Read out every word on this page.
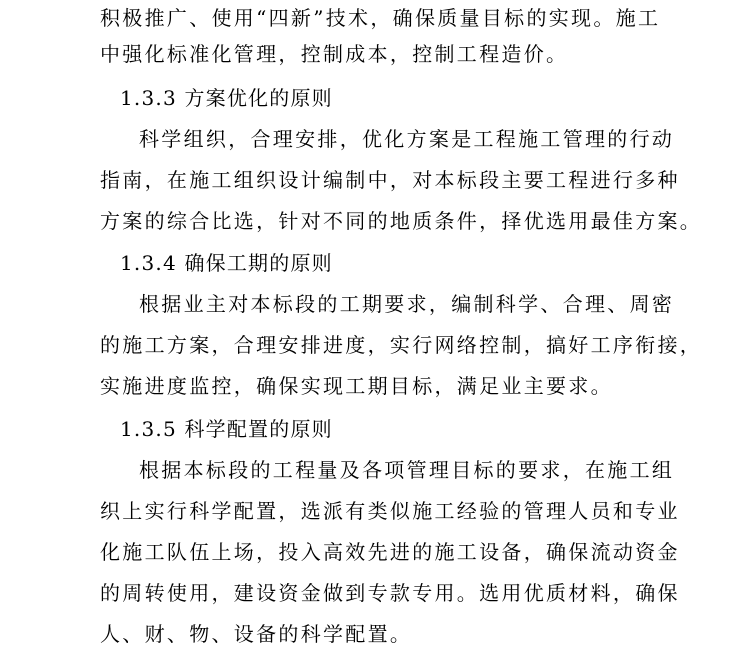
积极推广、使用“四新”技术，确保质量目标的实现。施工
中强化标准化管理，控制成本，控制工程造价。
1.3.3 方案优化的原则
科学组织，合理安排，优化方案是工程施工管理的行动
指南，在施工组织设计编制中，对本标段主要工程进行多种
方案的综合比选，针对不同的地质条件，择优选用最佳方案。
1.3.4 确保工期的原则
根据业主对本标段的工期要求，编制科学、合理、周密
的施工方案，合理安排进度，实行网络控制，搞好工序衔接，
实施进度监控，确保实现工期目标，满足业主要求。
1.3.5 科学配置的原则
根据本标段的工程量及各项管理目标的要求，在施工组
织上实行科学配置，选派有类似施工经验的管理人员和专业
化施工队伍上场，投入高效先进的施工设备，确保流动资金
的周转使用，建设资金做到专款专用。选用优质材料，确保
人、财、物、设备的科学配置。
